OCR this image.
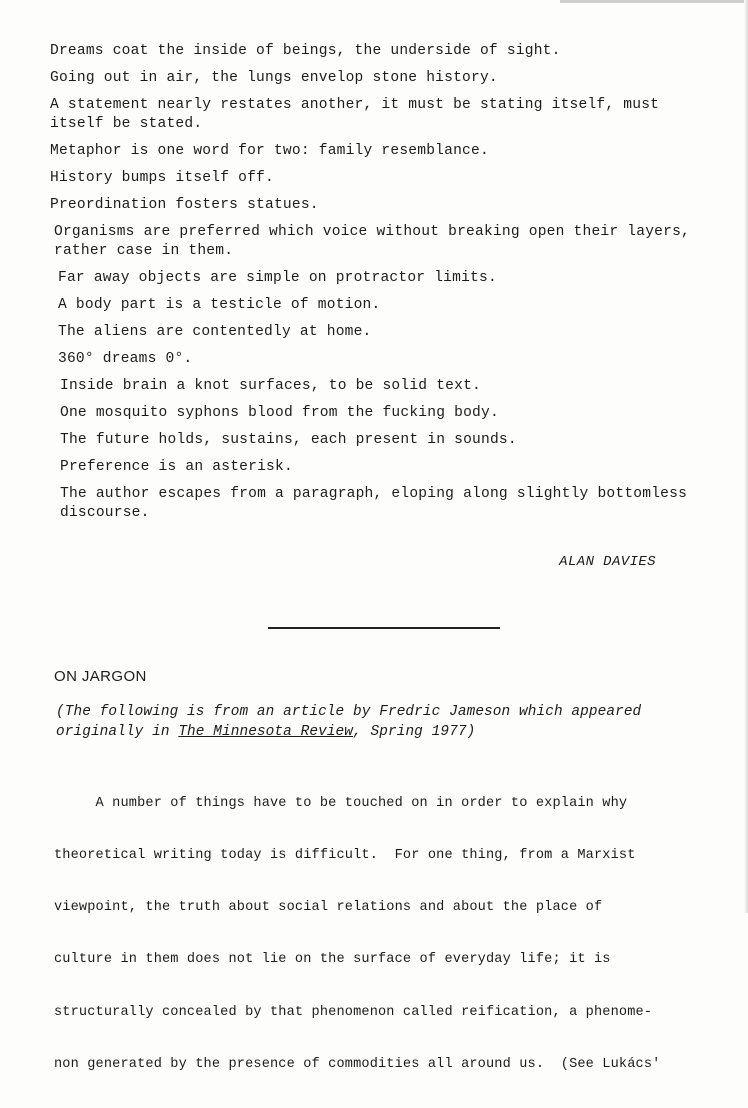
Dreams coat the inside of beings, the underside of sight.

Going out in air, the lungs envelop stone history.

A statement nearly restates another, it must be stating itself, must itself be stated.

Metaphor is one word for two: family resemblance.

History bumps itself off.

Preordination fosters statues.

Organisms are preferred which voice without breaking open their layers, rather case in them.

Far away objects are simple on protractor limits.

A body part is a testicle of motion.

The aliens are contentedly at home.

360° dreams 0°.

Inside brain a knot surfaces, to be solid text.

One mosquito syphons blood from the fucking body.

The future holds, sustains, each present in sounds.

Preference is an asterisk.

The author escapes from a paragraph, eloping along slightly bottomless discourse.

ALAN DAVIES
ON JARGON
(The following is from an article by Fredric Jameson which appeared originally in The Minnesota Review, Spring 1977)

A number of things have to be touched on in order to explain why

theoretical writing today is difficult.  For one thing, from a Marxist

viewpoint, the truth about social relations and about the place of

culture in them does not lie on the surface of everyday life; it is

structurally concealed by that phenomenon called reification, a phenome-

non generated by the presence of commodities all around us.  (See Lukács'
